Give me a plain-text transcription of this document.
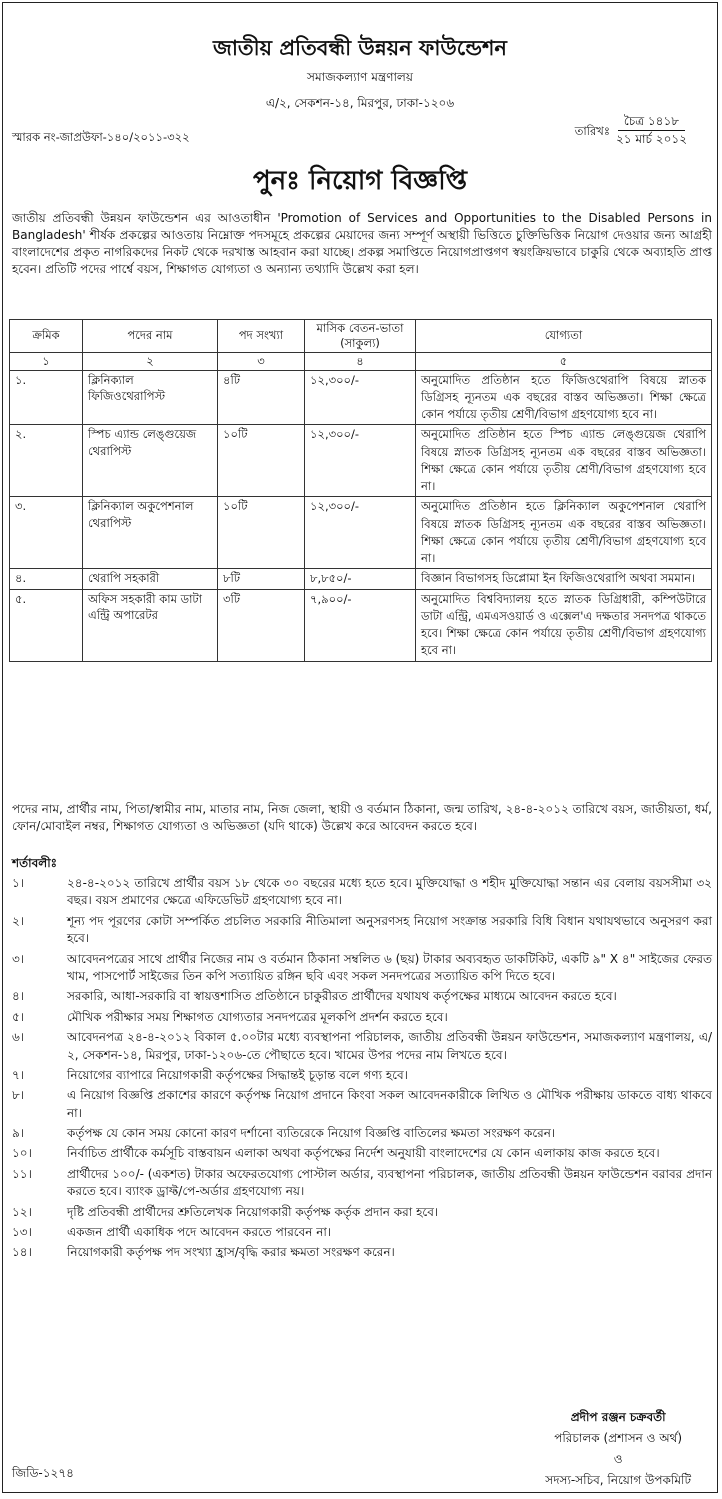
জাতীয় প্রতিবন্ধী উন্নয়ন ফাউন্ডেশন
সমাজকল্যাণ মন্ত্রণালয়
এ/২, সেকশন-১৪, মিরপুর, ঢাকা-১২০৬
স্মারক নং-জাপ্রউফা-১৪০/২০১১-৩২২	তারিখঃ
চৈত্র ১৪১৮
২১ মার্চ ২০১২
পুনঃ নিয়োগ বিজ্ঞপ্তি
জাতীয় প্রতিবন্ধী উন্নয়ন ফাউন্ডেশন এর আওতাধীন 'Promotion of Services and Opportunities to the Disabled Persons in Bangladesh' শীর্ষক প্রকল্পের আওতায় নিম্নোক্ত পদসমূহে প্রকল্পের মেয়াদের জন্য সম্পূর্ণ অস্থায়ী ভিত্তিতে চুক্তিভিত্তিক নিয়োগ দেওয়ার জন্য আগ্রহী বাংলাদেশের প্রকৃত নাগরিকদের নিকট থেকে দরখাস্ত আহবান করা যাচ্ছে। প্রকল্প সমাপ্তিতে নিয়োগপ্রাপ্তগণ স্বয়ংক্রিয়ভাবে চাকুরি থেকে অব্যাহতি প্রাপ্ত হবেন। প্রতিটি পদের পার্শ্বে বয়স, শিক্ষাগত যোগ্যতা ও অন্যান্য তথ্যাদি উল্লেখ করা হল।
ক্রমিক	পদের নাম	পদ সংখ্যা	মাসিক বেতন-ভাতা (সাকুল্য)	যোগ্যতা
১	২	৩	৪	৫
১.	ক্লিনিক্যাল ফিজিওথেরাপিস্ট	৪টি	১২,৩০০/-	অনুমোদিত প্রতিষ্ঠান হতে ফিজিওথেরাপি বিষয়ে স্নাতক ডিগ্রিসহ ন্যূনতম এক বছরের বাস্তব অভিজ্ঞতা। শিক্ষা ক্ষেত্রে কোন পর্যায়ে তৃতীয় শ্রেণী/বিভাগ গ্রহণযোগ্য হবে না।
২.	স্পিচ এ্যান্ড লেঙ্গুয়েজ থেরাপিস্ট	১০টি	১২,৩০০/-	অনুমোদিত প্রতিষ্ঠান হতে স্পিচ এ্যান্ড লেঙ্গুয়েজ থেরাপি বিষয়ে স্নাতক ডিগ্রিসহ ন্যূনতম এক বছরের বাস্তব অভিজ্ঞতা। শিক্ষা ক্ষেত্রে কোন পর্যায়ে তৃতীয় শ্রেণী/বিভাগ গ্রহণযোগ্য হবে না।
৩.	ক্লিনিক্যাল অকুপেশনাল থেরাপিস্ট	১০টি	১২,৩০০/-	অনুমোদিত প্রতিষ্ঠান হতে ক্লিনিক্যাল অকুপেশনাল থেরাপি বিষয়ে স্নাতক ডিগ্রিসহ ন্যূনতম এক বছরের বাস্তব অভিজ্ঞতা। শিক্ষা ক্ষেত্রে কোন পর্যায়ে তৃতীয় শ্রেণী/বিভাগ গ্রহণযোগ্য হবে না।
৪.	থেরাপি সহকারী	৮টি	৮,৮৫০/-	বিজ্ঞান বিভাগসহ ডিপ্লোমা ইন ফিজিওথেরাপি অথবা সমমান।
৫.	অফিস সহকারী কাম ডাটা এন্ট্রি অপারেটর	৩টি	৭,৯০০/-	অনুমোদিত বিশ্ববিদ্যালয় হতে স্নাতক ডিগ্রিধারী, কম্পিউটারে ডাটা এন্ট্রি, এমএসওয়ার্ড ও এক্সেল'এ দক্ষতার সনদপত্র থাকতে হবে। শিক্ষা ক্ষেত্রে কোন পর্যায়ে তৃতীয় শ্রেণী/বিভাগ গ্রহণযোগ্য হবে না।
পদের নাম, প্রার্থীর নাম, পিতা/স্বামীর নাম, মাতার নাম, নিজ জেলা, স্থায়ী ও বর্তমান ঠিকানা, জন্ম তারিখ, ২৪-৪-২০১২ তারিখে বয়স, জাতীয়তা, ধর্ম, ফোন/মোবাইল নম্বর, শিক্ষাগত যোগ্যতা ও অভিজ্ঞতা (যদি থাকে) উল্লেখ করে আবেদন করতে হবে।
শর্তাবলীঃ
১।	২৪-৪-২০১২ তারিখে প্রার্থীর বয়স ১৮ থেকে ৩০ বছরের মধ্যে হতে হবে। মুক্তিযোদ্ধা ও শহীদ মুক্তিযোদ্ধা সন্তান এর বেলায় বয়সসীমা ৩২ বছর। বয়স প্রমাণের ক্ষেত্রে এফিডেভিট গ্রহণযোগ্য হবে না।
২।	শূন্য পদ পূরণের কোটা সম্পর্কিত প্রচলিত সরকারি নীতিমালা অনুসরণসহ নিয়োগ সংক্রান্ত সরকারি বিধি বিধান যথাযথভাবে অনুসরণ করা হবে।
৩।	আবেদনপত্রের সাথে প্রার্থীর নিজের নাম ও বর্তমান ঠিকানা সম্বলিত ৬ (ছয়) টাকার অব্যবহৃত ডাকটিকিট, একটি ৯" X ৪" সাইজের ফেরত খাম, পাসপোর্ট সাইজের তিন কপি সত্যায়িত রঙ্গিন ছবি এবং সকল সনদপত্রের সত্যায়িত কপি দিতে হবে।
৪।	সরকারি, আধা-সরকারি বা স্বায়ত্তশাসিত প্রতিষ্ঠানে চাকুরীরত প্রার্থীদের যথাযথ কর্তৃপক্ষের মাধ্যমে আবেদন করতে হবে।
৫।	মৌখিক পরীক্ষার সময় শিক্ষাগত যোগ্যতার সনদপত্রের মূলকপি প্রদর্শন করতে হবে।
৬।	আবেদনপত্র ২৪-৪-২০১২ বিকাল ৫.০০টার মধ্যে ব্যবস্থাপনা পরিচালক, জাতীয় প্রতিবন্ধী উন্নয়ন ফাউন্ডেশন, সমাজকল্যাণ মন্ত্রণালয়, এ/২, সেকশন-১৪, মিরপুর, ঢাকা-১২০৬-তে পৌছাতে হবে। খামের উপর পদের নাম লিখতে হবে।
৭।	নিয়োগের ব্যাপারে নিয়োগকারী কর্তৃপক্ষের সিদ্ধান্তই চূড়ান্ত বলে গণ্য হবে।
৮।	এ নিয়োগ বিজ্ঞপ্তি প্রকাশের কারণে কর্তৃপক্ষ নিয়োগ প্রদানে কিংবা সকল আবেদনকারীকে লিখিত ও মৌখিক পরীক্ষায় ডাকতে বাধ্য থাকবে না।
৯।	কর্তৃপক্ষ যে কোন সময় কোনো কারণ দর্শানো ব্যতিরেকে নিয়োগ বিজ্ঞপ্তি বাতিলের ক্ষমতা সংরক্ষণ করেন।
১০।	নির্বাচিত প্রার্থীকে কর্মসূচি বাস্তবায়ন এলাকা অথবা কর্তৃপক্ষের নির্দেশ অনুযায়ী বাংলাদেশের যে কোন এলাকায় কাজ করতে হবে।
১১।	প্রার্থীদের ১০০/- (একশত) টাকার অফেরতযোগ্য পোস্টাল অর্ডার, ব্যবস্থাপনা পরিচালক, জাতীয় প্রতিবন্ধী উন্নয়ন ফাউন্ডেশন বরাবর প্রদান করতে হবে। ব্যাংক ড্রাফ্ট/পে-অর্ডার গ্রহণযোগ্য নয়।
১২।	দৃষ্টি প্রতিবন্ধী প্রার্থীদের শ্রুতিলেখক নিয়োগকারী কর্তৃপক্ষ কর্তৃক প্রদান করা হবে।
১৩।	একজন প্রার্থী একাধিক পদে আবেদন করতে পারবেন না।
১৪।	নিয়োগকারী কর্তৃপক্ষ পদ সংখ্যা হ্রাস/বৃদ্ধি করার ক্ষমতা সংরক্ষণ করেন।
প্রদীপ রঞ্জন চক্রবর্তী
পরিচালক (প্রশাসন ও অর্থ)
ও
সদস্য-সচিব, নিয়োগ উপকমিটি
জিডি-১২৭৪
